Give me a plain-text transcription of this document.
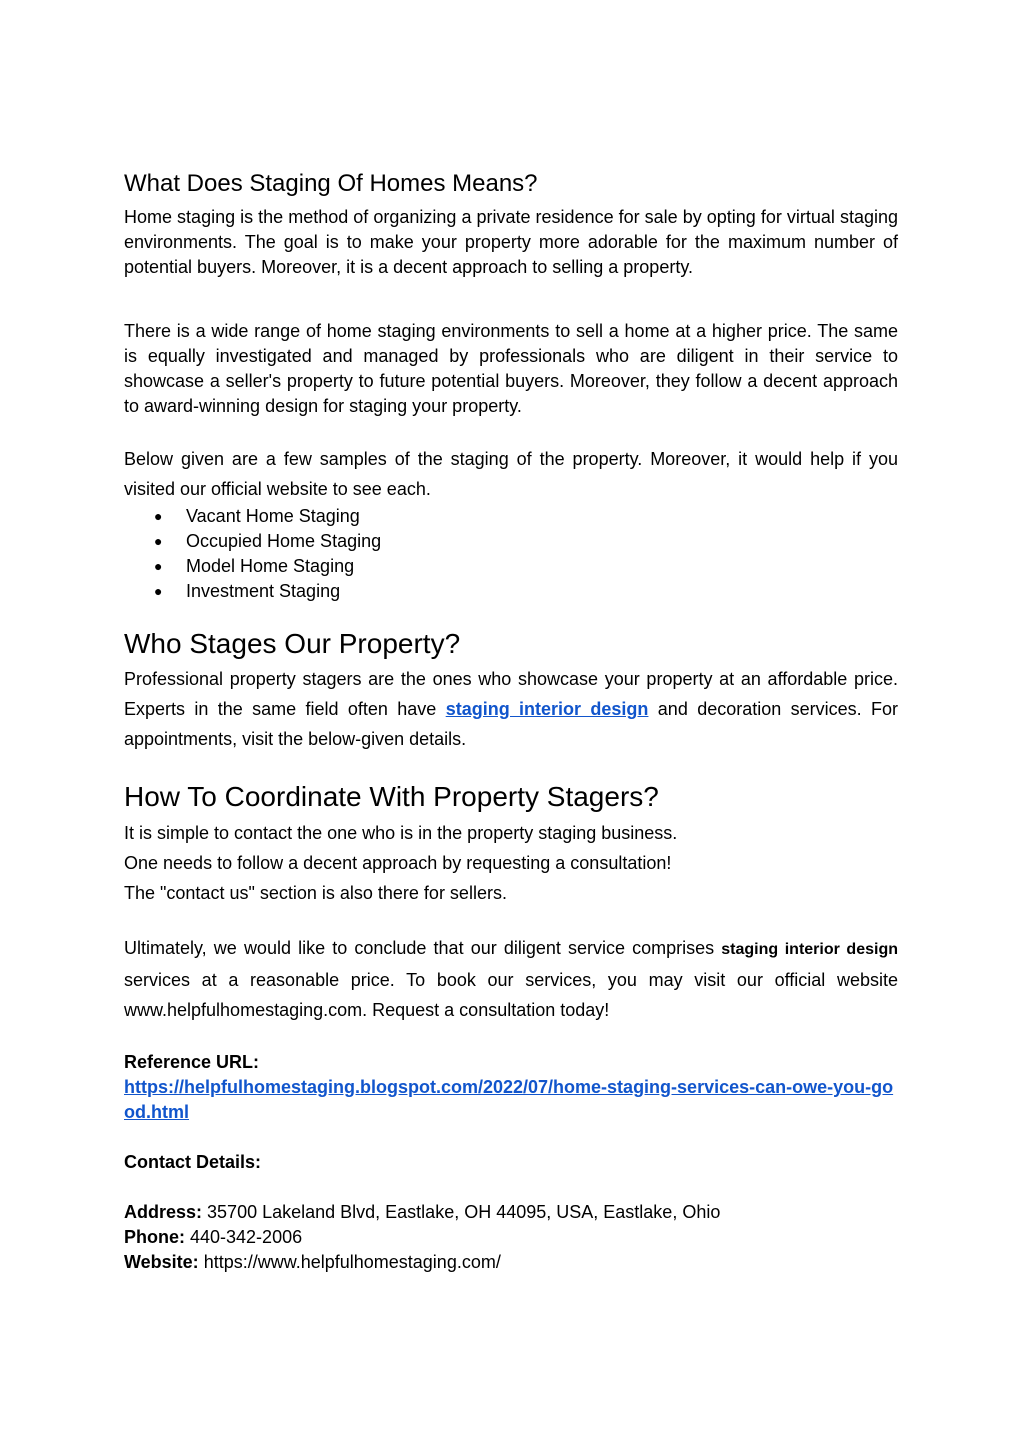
What Does Staging Of Homes Means?

Home staging is the method of organizing a private residence for sale by opting for virtual staging environments. The goal is to make your property more adorable for the maximum number of potential buyers. Moreover, it is a decent approach to selling a property.

There is a wide range of home staging environments to sell a home at a higher price. The same is equally investigated and managed by professionals who are diligent in their service to showcase a seller's property to future potential buyers. Moreover, they follow a decent approach to award-winning design for staging your property.

Below given are a few samples of the staging of the property. Moreover, it would help if you visited our official website to see each.

● Vacant Home Staging
● Occupied Home Staging
● Model Home Staging
● Investment Staging
Who Stages Our Property?

Professional property stagers are the ones who showcase your property at an affordable price. Experts in the same field often have staging interior design and decoration services. For appointments, visit the below-given details.

How To Coordinate With Property Stagers?
It is simple to contact the one who is in the property staging business.
One needs to follow a decent approach by requesting a consultation!
The "contact us" section is also there for sellers.

Ultimately, we would like to conclude that our diligent service comprises staging interior design services at a reasonable price. To book our services, you may visit our official website www.helpfulhomestaging.com. Request a consultation today!

Reference URL:
https://helpfulhomestaging.blogspot.com/2022/07/home-staging-services-can-owe-you-good.html
Contact Details:
Address: 35700 Lakeland Blvd, Eastlake, OH 44095, USA, Eastlake, Ohio
Phone: 440-342-2006
Website: https://www.helpfulhomestaging.com/
